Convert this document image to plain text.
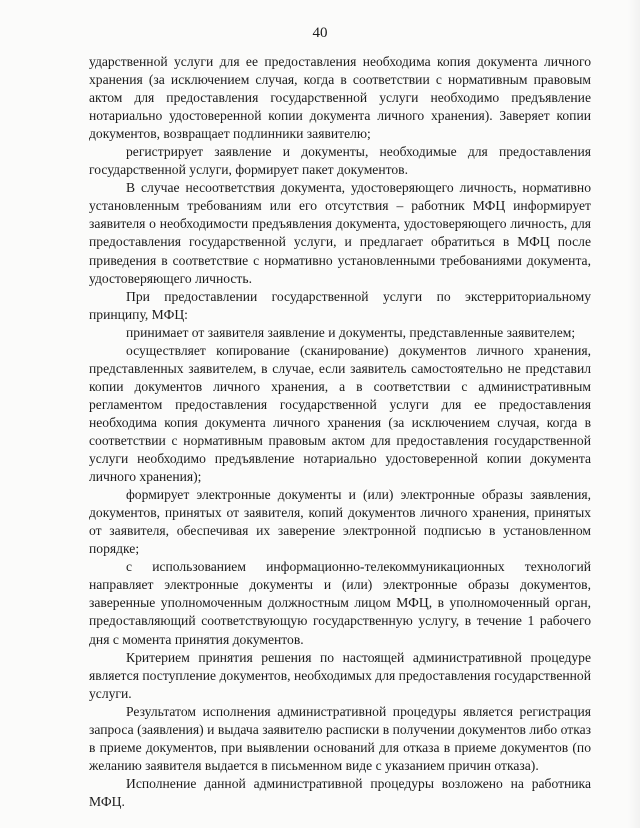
40

ударственной услуги для ее предоставления необходима копия документа личного хранения (за исключением случая, когда в соответствии с нормативным правовым актом для предоставления государственной услуги необходимо предъявление нотариально удостоверенной копии документа личного хранения). Заверяет копии документов, возвращает подлинники заявителю;

регистрирует заявление и документы, необходимые для предоставления государственной услуги, формирует пакет документов.

В случае несоответствия документа, удостоверяющего личность, нормативно установленным требованиям или его отсутствия – работник МФЦ информирует заявителя о необходимости предъявления документа, удостоверяющего личность, для предоставления государственной услуги, и предлагает обратиться в МФЦ после приведения в соответствие с нормативно установленными требованиями документа, удостоверяющего личность.

При предоставлении государственной услуги по экстерриториальному принципу, МФЦ:

принимает от заявителя заявление и документы, представленные заявителем;

осуществляет копирование (сканирование) документов личного хранения, представленных заявителем, в случае, если заявитель самостоятельно не представил копии документов личного хранения, а в соответствии с административным регламентом предоставления государственной услуги для ее предоставления необходима копия документа личного хранения (за исключением случая, когда в соответствии с нормативным правовым актом для предоставления государственной услуги необходимо предъявление нотариально удостоверенной копии документа личного хранения);

формирует электронные документы и (или) электронные образы заявления, документов, принятых от заявителя, копий документов личного хранения, принятых от заявителя, обеспечивая их заверение электронной подписью в установленном порядке;

с использованием информационно-телекоммуникационных технологий направляет электронные документы и (или) электронные образы документов, заверенные уполномоченным должностным лицом МФЦ, в уполномоченный орган, предоставляющий соответствующую государственную услугу, в течение 1 рабочего дня с момента принятия документов.

Критерием принятия решения по настоящей административной процедуре является поступление документов, необходимых для предоставления государственной услуги.

Результатом исполнения административной процедуры является регистрация запроса (заявления) и выдача заявителю расписки в получении документов либо отказ в приеме документов, при выявлении оснований для отказа в приеме документов (по желанию заявителя выдается в письменном виде с указанием причин отказа).

Исполнение данной административной процедуры возложено на работника МФЦ.
